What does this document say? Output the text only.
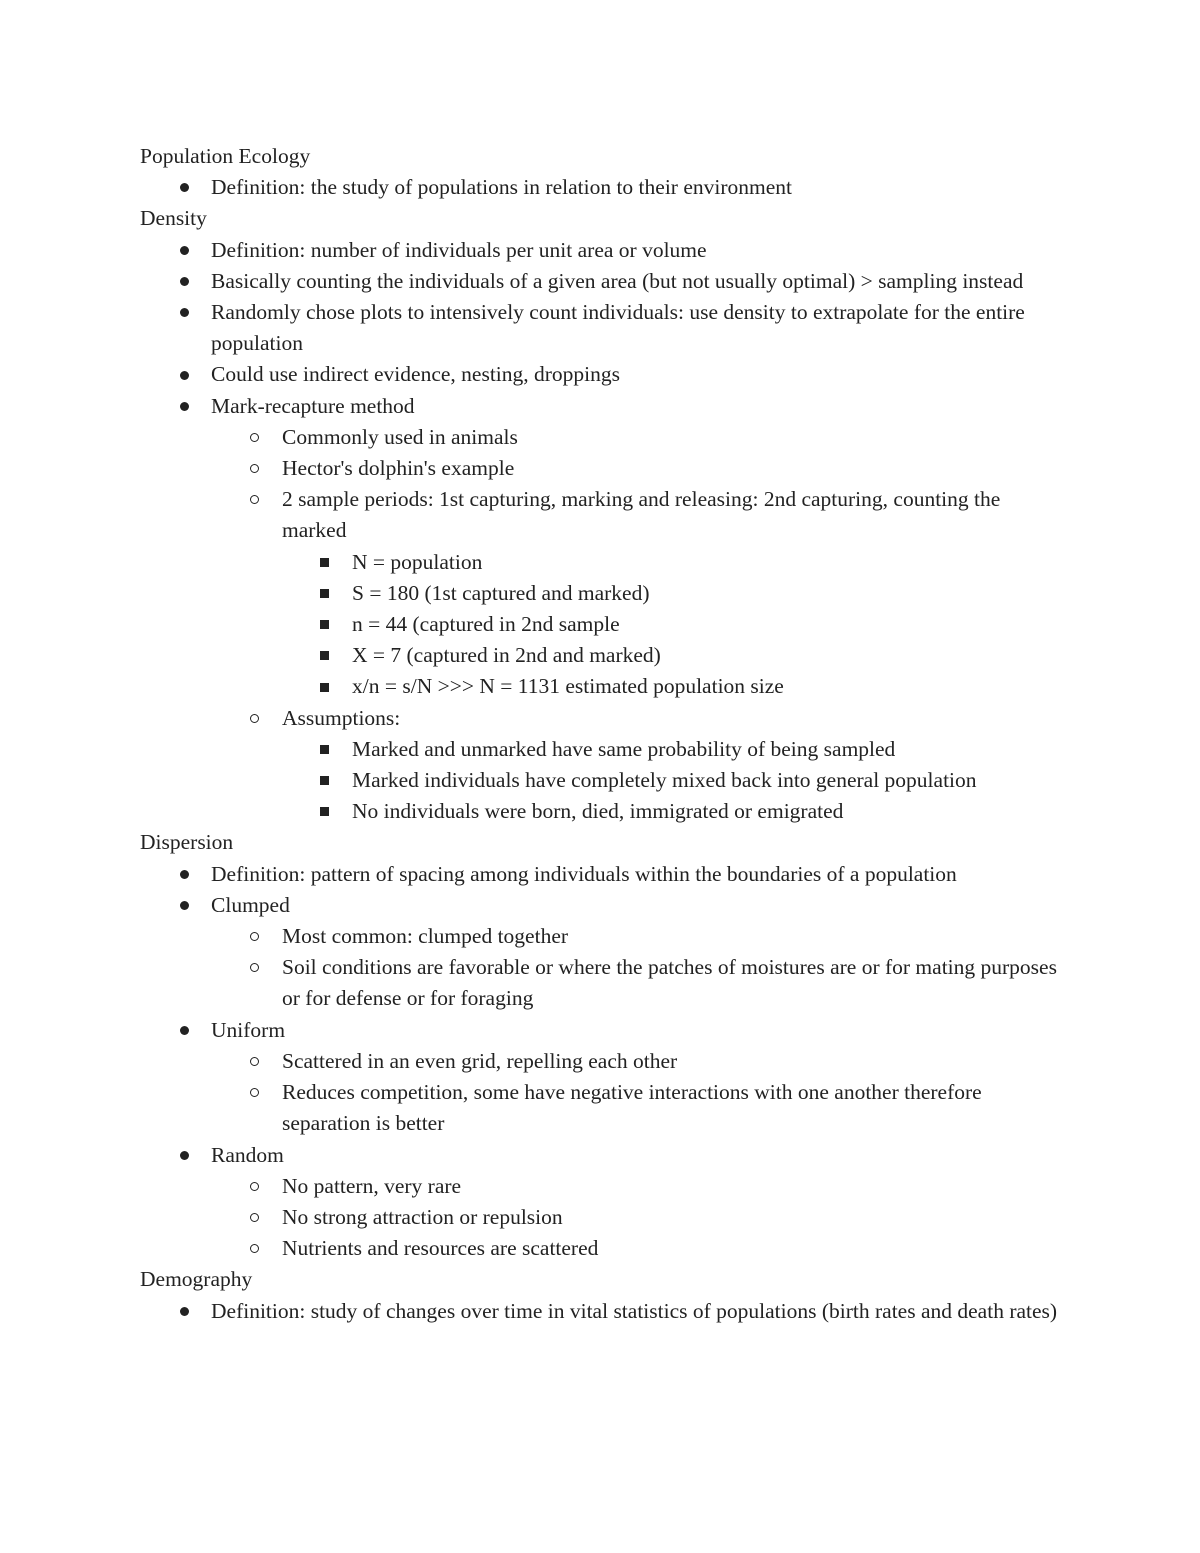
Population Ecology
Definition: the study of populations in relation to their environment
Density
Definition: number of individuals per unit area or volume
Basically counting the individuals of a given area (but not usually optimal) > sampling instead
Randomly chose plots to intensively count individuals: use density to extrapolate for the entire population
Could use indirect evidence, nesting, droppings
Mark-recapture method
Commonly used in animals
Hector's dolphin's example
2 sample periods: 1st capturing, marking and releasing: 2nd capturing, counting the marked
N = population
S = 180 (1st captured and marked)
n = 44 (captured in 2nd sample
X = 7 (captured in 2nd and marked)
x/n = s/N >>> N = 1131 estimated population size
Assumptions:
Marked and unmarked have same probability of being sampled
Marked individuals have completely mixed back into general population
No individuals were born, died, immigrated or emigrated
Dispersion
Definition: pattern of spacing among individuals within the boundaries of a population
Clumped
Most common: clumped together
Soil conditions are favorable or where the patches of moistures are or for mating purposes or for defense or for foraging
Uniform
Scattered in an even grid, repelling each other
Reduces competition, some have negative interactions with one another therefore separation is better
Random
No pattern, very rare
No strong attraction or repulsion
Nutrients and resources are scattered
Demography
Definition: study of changes over time in vital statistics of populations (birth rates and death rates)
